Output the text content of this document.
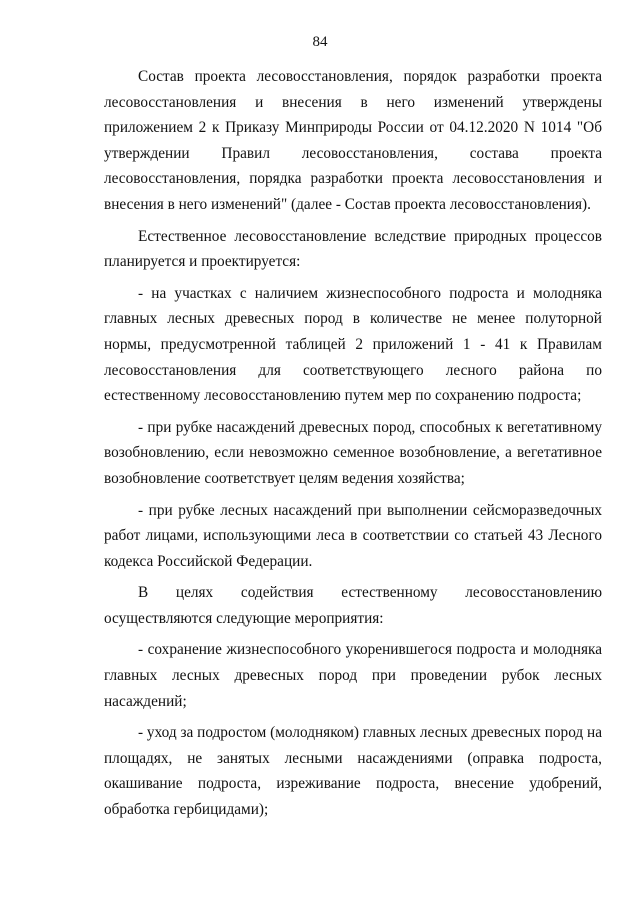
84

Состав проекта лесовосстановления, порядок разработки проекта лесовосстановления и внесения в него изменений утверждены приложением 2 к Приказу Минприроды России от 04.12.2020 N 1014 "Об утверждении Правил лесовосстановления, состава проекта лесовосстановления, порядка разработки проекта лесовосстановления и внесения в него изменений" (далее - Состав проекта лесовосстановления).

Естественное лесовосстановление вследствие природных процессов планируется и проектируется:

- на участках с наличием жизнеспособного подроста и молодняка главных лесных древесных пород в количестве не менее полуторной нормы, предусмотренной таблицей 2 приложений 1 - 41 к Правилам лесовосстановления для соответствующего лесного района по естественному лесовосстановлению путем мер по сохранению подроста;

- при рубке насаждений древесных пород, способных к вегетативному возобновлению, если невозможно семенное возобновление, а вегетативное возобновление соответствует целям ведения хозяйства;

- при рубке лесных насаждений при выполнении сейсморазведочных работ лицами, использующими леса в соответствии со статьей 43 Лесного кодекса Российской Федерации.

В целях содействия естественному лесовосстановлению осуществляются следующие мероприятия:

- сохранение жизнеспособного укоренившегося подроста и молодняка главных лесных древесных пород при проведении рубок лесных насаждений;

- уход за подростом (молодняком) главных лесных древесных пород на площадях, не занятых лесными насаждениями (оправка подроста, окашивание подроста, изреживание подроста, внесение удобрений, обработка гербицидами);
